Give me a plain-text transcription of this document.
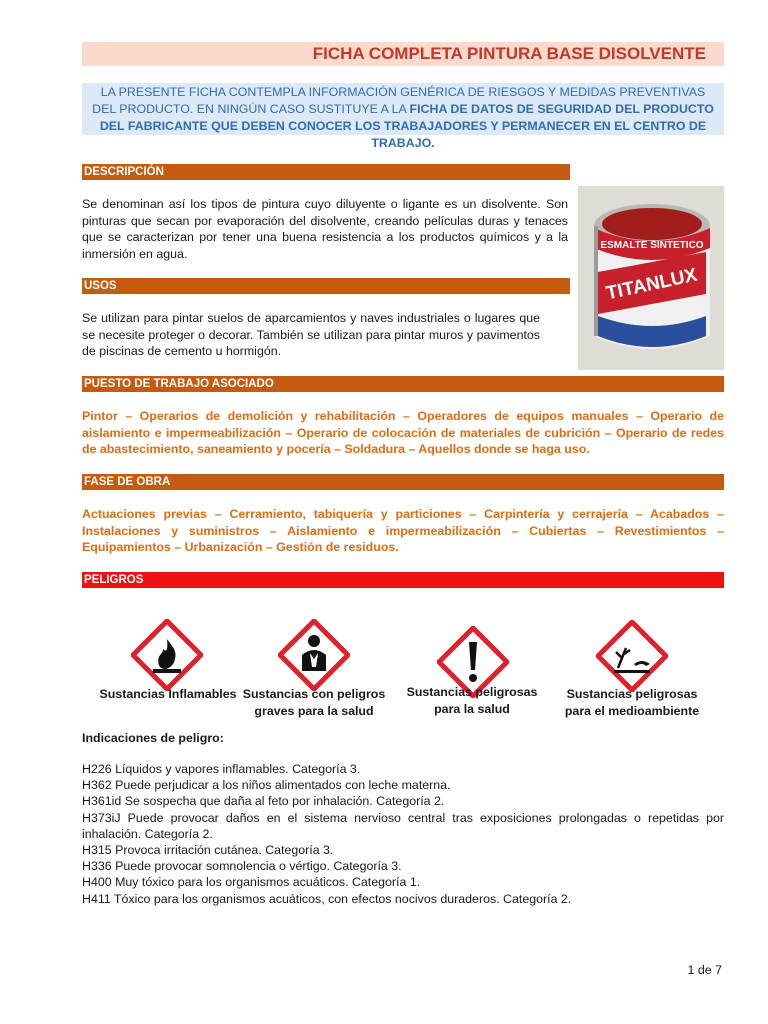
FICHA COMPLETA PINTURA BASE DISOLVENTE
LA PRESENTE FICHA CONTEMPLA INFORMACIÓN GENÉRICA DE RIESGOS Y MEDIDAS PREVENTIVAS DEL PRODUCTO. EN NINGÚN CASO SUSTITUYE A LA FICHA DE DATOS DE SEGURIDAD DEL PRODUCTO DEL FABRICANTE QUE DEBEN CONOCER LOS TRABAJADORES Y PERMANECER EN EL CENTRO DE TRABAJO.
DESCRIPCIÓN
Se denominan así los tipos de pintura cuyo diluyente o ligante es un disolvente. Son pinturas que secan por evaporación del disolvente, creando películas duras y tenaces que se caracterizan por tener una buena resistencia a los productos químicos y a la inmersión en agua.
ESMALTE SINTETICO
TITANLUX
USOS
Se utilizan para pintar suelos de aparcamientos y naves industriales o lugares que se necesite proteger o decorar. También se utilizan para pintar muros y pavimentos de piscinas de cemento u hormigón.
PUESTO DE TRABAJO ASOCIADO
Pintor – Operarios de demolición y rehabilitación – Operadores de equipos manuales – Operario de aislamiento e impermeabilización – Operario de colocación de materiales de cubrición – Operario de redes de abastecimiento, saneamiento y pocería – Soldadura – Aquellos donde se haga uso.
FASE DE OBRA
Actuaciones previas – Cerramiento, tabiquería y particiones – Carpintería y cerrajería – Acabados – Instalaciones y suministros – Aislamiento e impermeabilización – Cubiertas – Revestimientos – Equipamientos – Urbanización – Gestión de residuos.
PELIGROS
Sustancias Inflamables Sustancias con peligros graves para la salud
Sustancias peligrosas para la salud
Sustancias peligrosas para el medioambiente
Indicaciones de peligro:
H226 Líquidos y vapores inflamables. Categoría 3.
H362 Puede perjudicar a los niños alimentados con leche materna.
H361id Se sospecha que daña al feto por inhalación. Categoría 2.
H373iJ Puede provocar daños en el sistema nervioso central tras exposiciones prolongadas o repetidas por inhalación. Categoría 2.
H315 Provoca irritación cutánea. Categoría 3.
H336 Puede provocar somnolencia o vértigo. Categoría 3.
H400 Muy tóxico para los organismos acuáticos. Categoría 1.
H411 Tóxico para los organismos acuáticos, con efectos nocivos duraderos. Categoría 2.
1 de 7
